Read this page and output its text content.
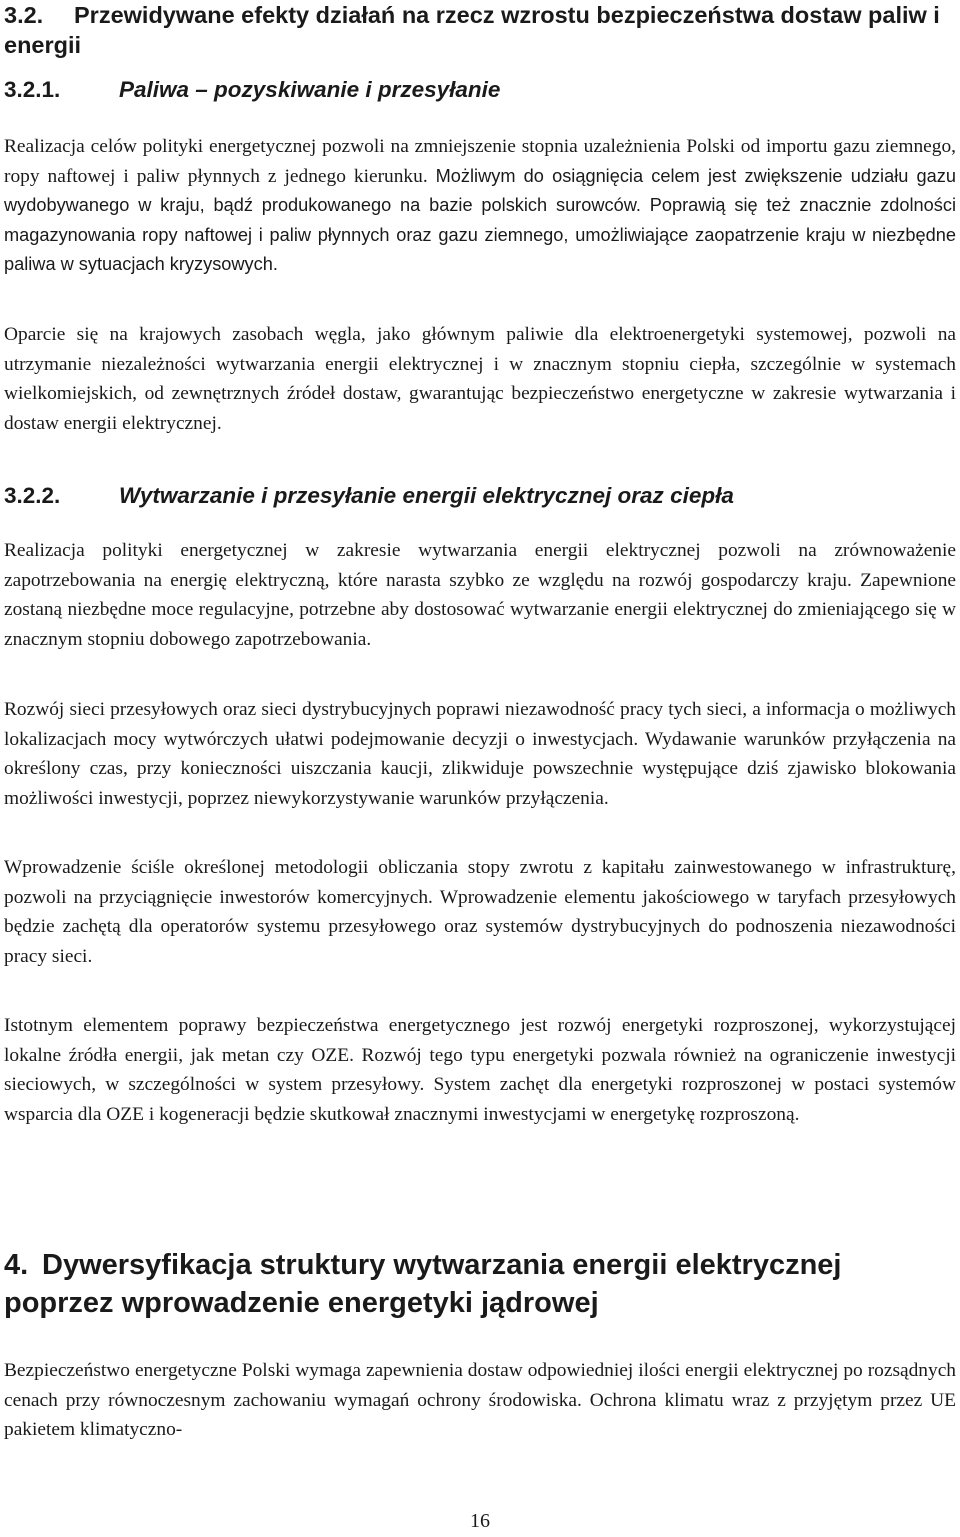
3.2. Przewidywane efekty działań na rzecz wzrostu bezpieczeństwa dostaw paliw i energii
3.2.1.	Paliwa – pozyskiwanie i przesyłanie

Realizacja celów polityki energetycznej pozwoli na zmniejszenie stopnia uzależnienia Polski od importu gazu ziemnego, ropy naftowej i paliw płynnych z jednego kierunku. Możliwym do osiągnięcia celem jest zwiększenie udziału gazu wydobywanego w kraju, bądź produkowanego na bazie polskich surowców. Poprawią się też znacznie zdolności magazynowania ropy naftowej i paliw płynnych oraz gazu ziemnego, umożliwiające zaopatrzenie kraju w niezbędne paliwa w sytuacjach kryzysowych.

Oparcie się na krajowych zasobach węgla, jako głównym paliwie dla elektroenergetyki systemowej, pozwoli na utrzymanie niezależności wytwarzania energii elektrycznej i w znacznym stopniu ciepła, szczególnie w systemach wielkomiejskich, od zewnętrznych źródeł dostaw, gwarantując bezpieczeństwo energetyczne w zakresie wytwarzania i dostaw energii elektrycznej.

3.2.2.	Wytwarzanie i przesyłanie energii elektrycznej oraz ciepła

Realizacja polityki energetycznej w zakresie wytwarzania energii elektrycznej pozwoli na zrównoważenie zapotrzebowania na energię elektryczną, które narasta szybko ze względu na rozwój gospodarczy kraju. Zapewnione zostaną niezbędne moce regulacyjne, potrzebne aby dostosować wytwarzanie energii elektrycznej do zmieniającego się w znacznym stopniu dobowego zapotrzebowania.

Rozwój sieci przesyłowych oraz sieci dystrybucyjnych poprawi niezawodność pracy tych sieci, a informacja o możliwych lokalizacjach mocy wytwórczych ułatwi podejmowanie decyzji o inwestycjach. Wydawanie warunków przyłączenia na określony czas, przy konieczności uiszczania kaucji, zlikwiduje powszechnie występujące dziś zjawisko blokowania możliwości inwestycji, poprzez niewykorzystywanie warunków przyłączenia.

Wprowadzenie ściśle określonej metodologii obliczania stopy zwrotu z kapitału zainwestowanego w infrastrukturę, pozwoli na przyciągnięcie inwestorów komercyjnych. Wprowadzenie elementu jakościowego w taryfach przesyłowych będzie zachętą dla operatorów systemu przesyłowego oraz systemów dystrybucyjnych do podnoszenia niezawodności pracy sieci.

Istotnym elementem poprawy bezpieczeństwa energetycznego jest rozwój energetyki rozproszonej, wykorzystującej lokalne źródła energii, jak metan czy OZE. Rozwój tego typu energetyki pozwala również na ograniczenie inwestycji sieciowych, w szczególności w system przesyłowy. System zachęt dla energetyki rozproszonej w postaci systemów wsparcia dla OZE i kogeneracji będzie skutkował znacznymi inwestycjami w energetykę rozproszoną.

4. Dywersyfikacja struktury wytwarzania energii elektrycznej poprzez wprowadzenie energetyki jądrowej

Bezpieczeństwo energetyczne Polski wymaga zapewnienia dostaw odpowiedniej ilości energii elektrycznej po rozsądnych cenach przy równoczesnym zachowaniu wymagań ochrony środowiska. Ochrona klimatu wraz z przyjętym przez UE pakietem klimatyczno-

16
